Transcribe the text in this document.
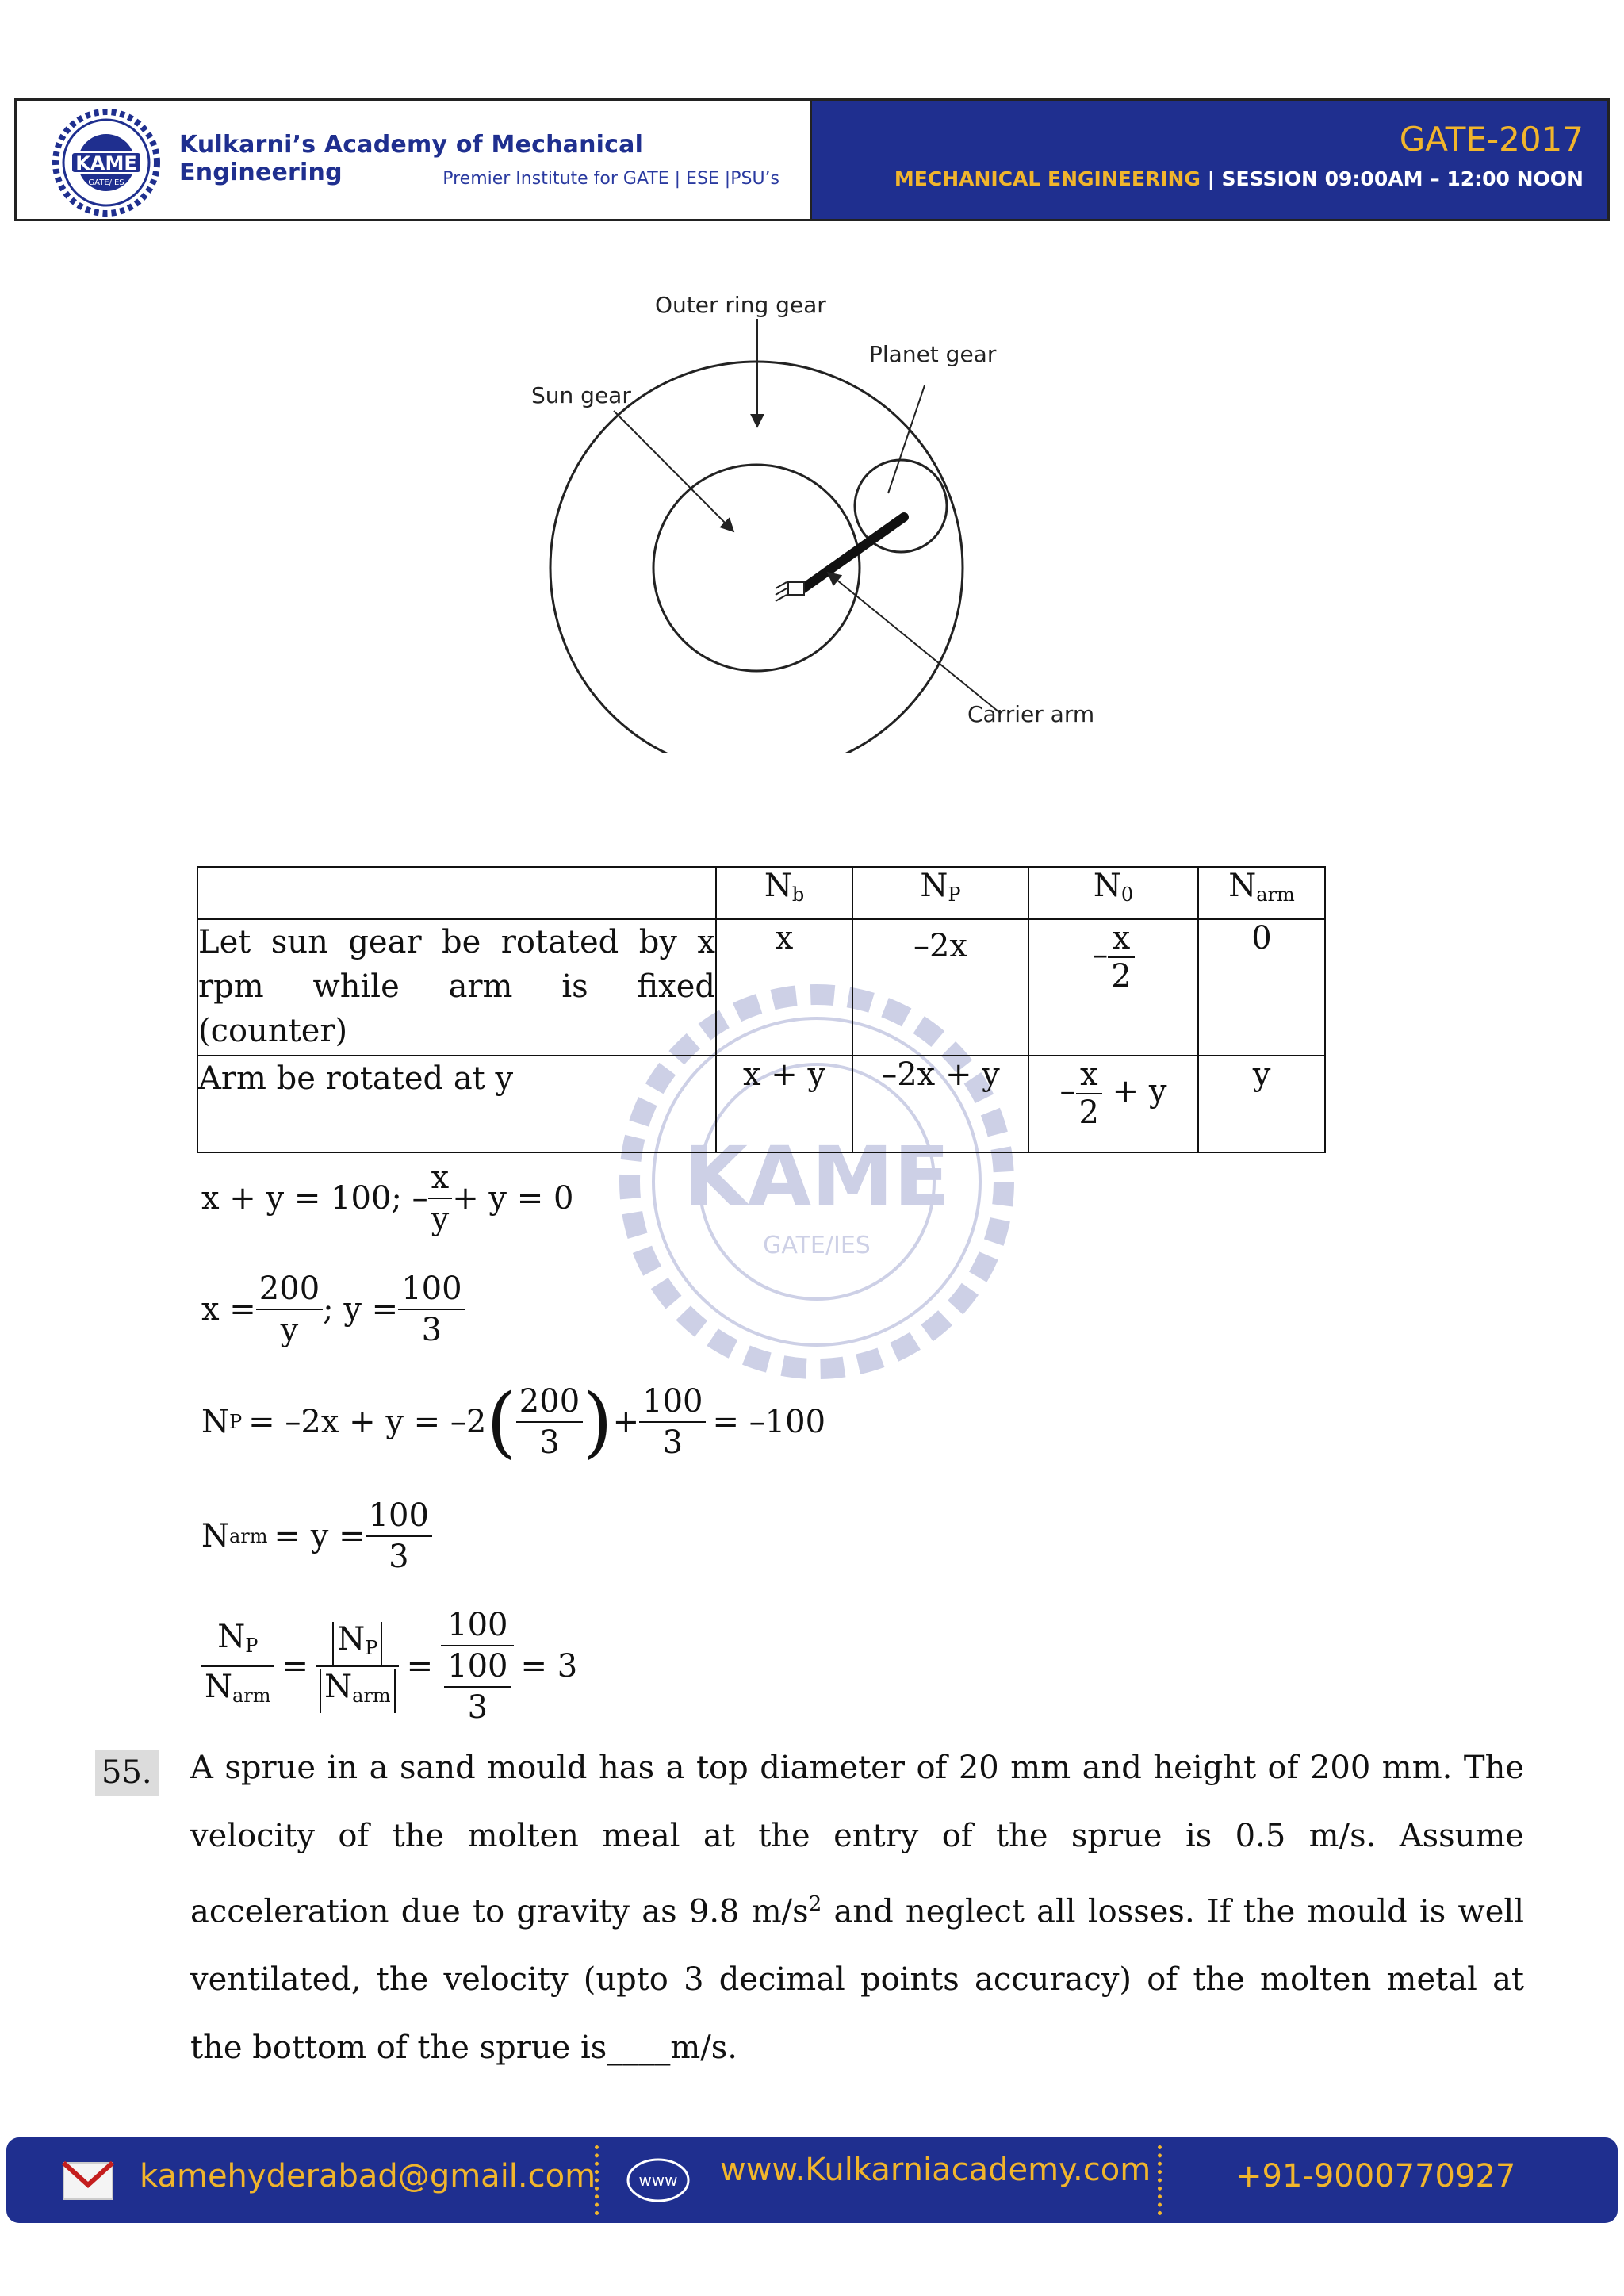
KAME
GATE/IES
Kulkarni’s Academy of Mechanical Engineering	Premier Institute for GATE | ESE |PSU’s
GATE-2017
MECHANICAL ENGINEERING | SESSION 09:00AM – 12:00 NOON
Outer ring gear
Planet gear
Sun gear
Carrier arm
KAME
GATE/IES
	$N_b$	$N_P$	$N_0$	$N_{arm}$
Let sun gear be rotated by x rpm while arm is fixed (counter)	x	–2x	– $\frac{x}{2}$	0
Arm be rotated at y	x + y	–2x + y	– $\frac{x}{2} + y$	y
x + y = 100; – $\frac{x}{y} + y = 0$
$x = \frac{200}{y}$ ; $y = \frac{100}{3}$
N P = –2x + y = –2 ( $\frac{200}{3}$ ) + $\frac{100}{3} = -100$
N arm = $y = \frac{100}{3}$
$\frac{N_P}{N_{arm}} = \frac{N_P}{N_{arm}} = \frac{100}{\frac{100}{3}} = 3$
55. A sprue in a sand mould has a top diameter of 20 mm and height of 200 mm. The velocity of the molten meal at the entry of the sprue is 0.5 m/s. Assume acceleration due to gravity as 9.8 $m/s^2$ and neglect all losses. If the mould is well ventilated, the velocity (upto 3 decimal points accuracy) of the molten metal at the bottom of the sprue is____m/s.
kamehyderabad@gmail.com	www www.Kulkarniacademy.com	+91-9000770927
